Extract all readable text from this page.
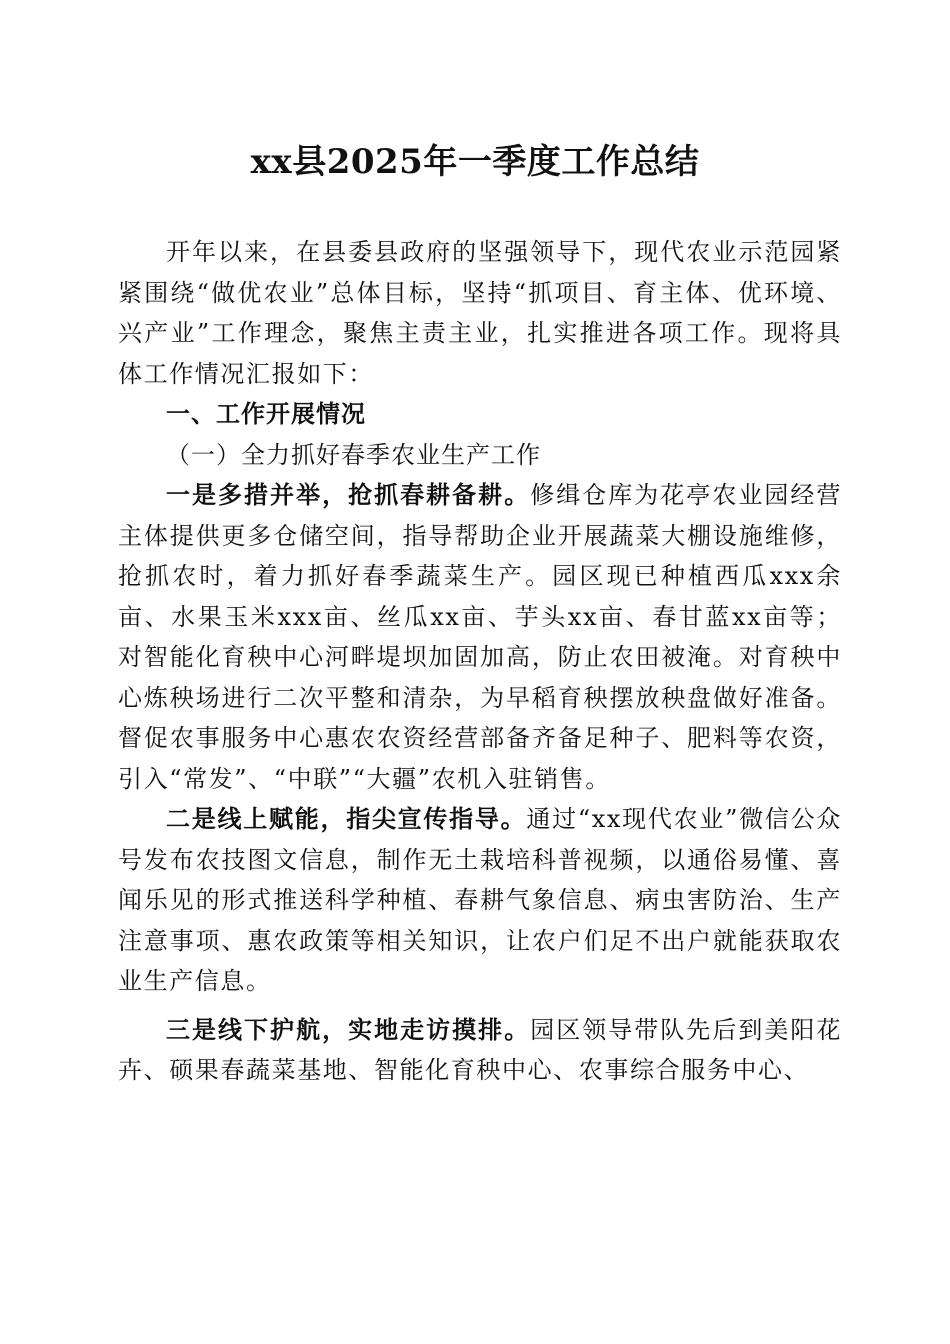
xx县2025年一季度工作总结

开年以来，在县委县政府的坚强领导下，现代农业示范园紧紧围绕“做优农业”总体目标，坚持“抓项目、育主体、优环境、兴产业”工作理念，聚焦主责主业，扎实推进各项工作。现将具体工作情况汇报如下：

一、工作开展情况

（一）全力抓好春季农业生产工作

一是多措并举，抢抓春耕备耕。修缉仓库为花亭农业园经营主体提供更多仓储空间，指导帮助企业开展蔬菜大棚设施维修，抢抓农时，着力抓好春季蔬菜生产。园区现已种植西瓜xxx余亩、水果玉米xxx亩、丝瓜xx亩、芋头xx亩、春甘蓝xx亩等；对智能化育秧中心河畔堤坝加固加高，防止农田被淹。对育秧中心炼秧场进行二次平整和清杂，为早稻育秧摆放秧盘做好准备。督促农事服务中心惠农农资经营部备齐备足种子、肥料等农资，引入“常发”、“中联”“大疆”农机入驻销售。

二是线上赋能，指尖宣传指导。通过“xx现代农业”微信公众号发布农技图文信息，制作无土栽培科普视频，以通俗易懂、喜闻乐见的形式推送科学种植、春耕气象信息、病虫害防治、生产注意事项、惠农政策等相关知识，让农户们足不出户就能获取农业生产信息。

三是线下护航，实地走访摸排。园区领导带队先后到美阳花卉、硕果春蔬菜基地、智能化育秧中心、农事综合服务中心、
